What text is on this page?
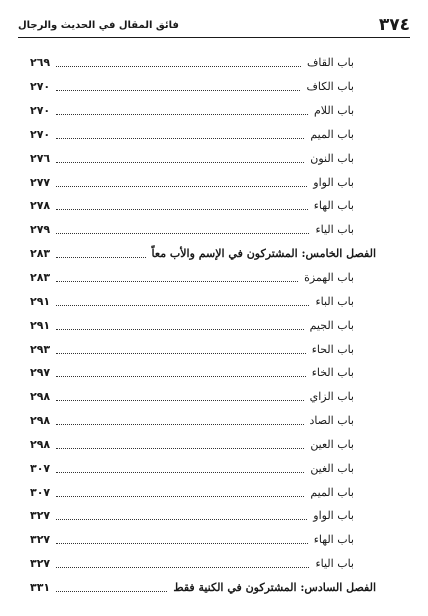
٣٧٤
فائق المقال في الحديث والرجال
باب القاف
٢٦٩
باب الكاف
٢٧٠
باب اللام
٢٧٠
باب الميم
٢٧٠
باب النون
٢٧٦
باب الواو
٢٧٧
باب الهاء
٢٧٨
باب الياء
٢٧٩
الفصل الخامس: المشتركون في الإسم والأب معاً
٢٨٣
باب الهمزة
٢٨٣
باب الباء
٢٩١
باب الجيم
٢٩١
باب الحاء
٢٩٣
باب الخاء
٢٩٧
باب الزاي
٢٩٨
باب الصاد
٢٩٨
باب العين
٢٩٨
باب الغين
٣٠٧
باب الميم
٣٠٧
باب الواو
٣٢٧
باب الهاء
٣٢٧
باب الياء
٣٢٧
الفصل السادس: المشتركون في الكنية فقط
٣٣١
